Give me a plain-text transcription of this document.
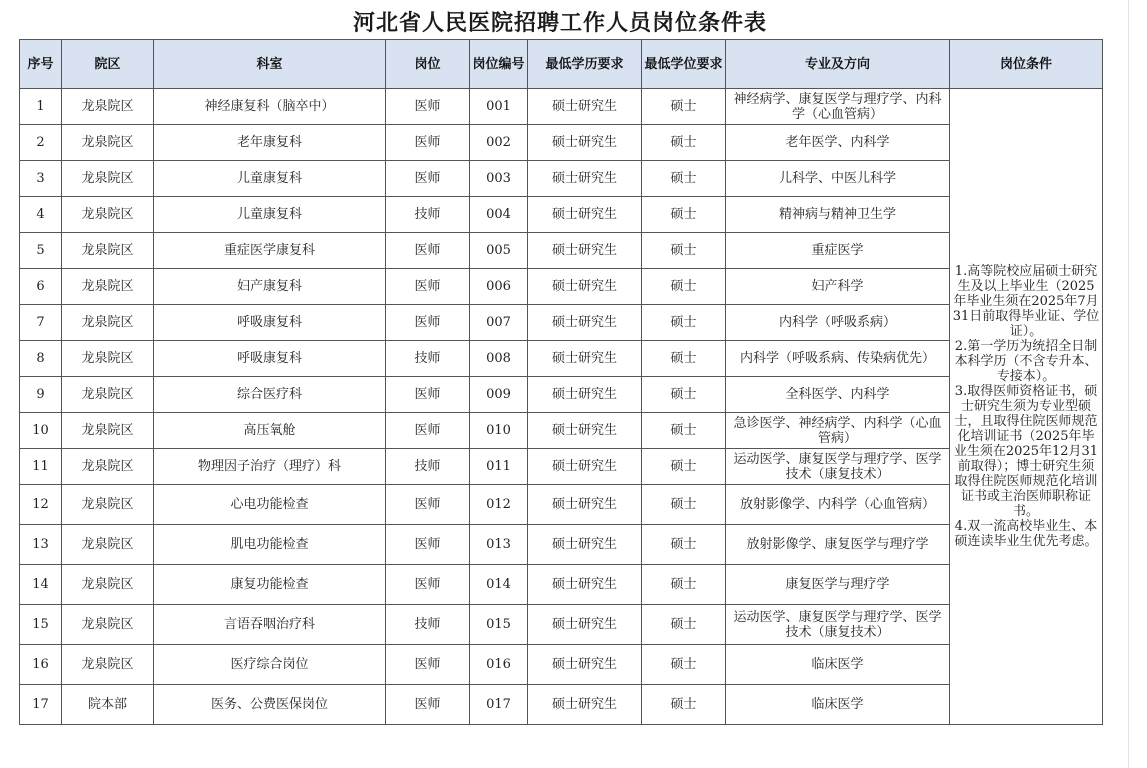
河北省人民医院招聘工作人员岗位条件表
序号	院区	科室	岗位	岗位编号	最低学历要求	最低学位要求	专业及方向	岗位条件
1	龙泉院区	神经康复科（脑卒中）	医师	001	硕士研究生	硕士	神经病学、康复医学与理疗学、内科学（心血管病）	1.高等院校应届硕士研究生及以上毕业生（2025年毕业生须在2025年7月31日前取得毕业证、学位证）。
2.第一学历为统招全日制本科学历（不含专升本、专接本）。
3.取得医师资格证书，硕士研究生须为专业型硕士，且取得住院医师规范化培训证书（2025年毕业生须在2025年12月31前取得）；博士研究生须取得住院医师规范化培训证书或主治医师职称证书。
4.双一流高校毕业生、本硕连读毕业生优先考虑。
2	龙泉院区	老年康复科	医师	002	硕士研究生	硕士	老年医学、内科学	
3	龙泉院区	儿童康复科	医师	003	硕士研究生	硕士	儿科学、中医儿科学	
4	龙泉院区	儿童康复科	技师	004	硕士研究生	硕士	精神病与精神卫生学	
5	龙泉院区	重症医学康复科	医师	005	硕士研究生	硕士	重症医学	
6	龙泉院区	妇产康复科	医师	006	硕士研究生	硕士	妇产科学	
7	龙泉院区	呼吸康复科	医师	007	硕士研究生	硕士	内科学（呼吸系病）	
8	龙泉院区	呼吸康复科	技师	008	硕士研究生	硕士	内科学（呼吸系病、传染病优先）	
9	龙泉院区	综合医疗科	医师	009	硕士研究生	硕士	全科医学、内科学	
10	龙泉院区	高压氧舱	医师	010	硕士研究生	硕士	急诊医学、神经病学、内科学（心血管病）	
11	龙泉院区	物理因子治疗（理疗）科	技师	011	硕士研究生	硕士	运动医学、康复医学与理疗学、医学技术（康复技术）	
12	龙泉院区	心电功能检查	医师	012	硕士研究生	硕士	放射影像学、内科学（心血管病）	
13	龙泉院区	肌电功能检查	医师	013	硕士研究生	硕士	放射影像学、康复医学与理疗学	
14	龙泉院区	康复功能检查	医师	014	硕士研究生	硕士	康复医学与理疗学	
15	龙泉院区	言语吞咽治疗科	技师	015	硕士研究生	硕士	运动医学、康复医学与理疗学、医学技术（康复技术）	
16	龙泉院区	医疗综合岗位	医师	016	硕士研究生	硕士	临床医学	
17	院本部	医务、公费医保岗位	医师	017	硕士研究生	硕士	临床医学	
